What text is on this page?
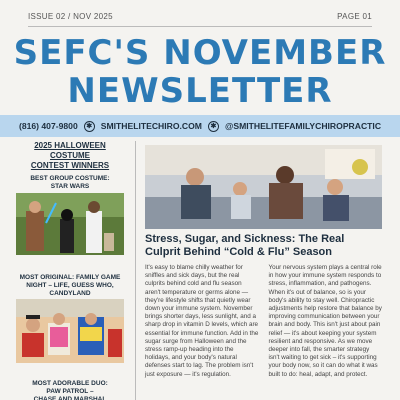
ISSUE 02 / NOV 2025	PAGE 01
SEFC'S NOVEMBER
NEWSLETTER
(816) 407-9800	✱ SMITHELITECHIRO.COM	✱ @SMITHELITEFAMILYCHIROPRACTIC
2025 HALLOWEEN COSTUME
CONTEST WINNERS
BEST GROUP COSTUME:
STAR WARS
MOST ORIGINAL: FAMILY GAME
NIGHT – LIFE, GUESS WHO,
CANDYLAND
MOST ADORABLE DUO:
PAW PATROL –
CHASE AND MARSHAL
Stress, Sugar, and Sickness: The Real Culprit Behind “Cold & Flu” Season

It's easy to blame chilly weather for sniffles and sick days, but the real culprits behind cold and flu season aren't temperature or germs alone — they're lifestyle shifts that quietly wear down your immune system. November brings shorter days, less sunlight, and a sharp drop in vitamin D levels, which are essential for immune function. Add in the sugar surge from Halloween and the stress ramp-up heading into the holidays, and your body's natural defenses start to lag. The problem isn't just exposure — it's regulation.

Your nervous system plays a central role in how your immune system responds to stress, inflammation, and pathogens. When it's out of balance, so is your body's ability to stay well. Chiropractic adjustments help restore that balance by improving communication between your brain and body. This isn't just about pain relief — it's about keeping your system resilient and responsive. As we move deeper into fall, the smarter strategy isn't waiting to get sick – it's supporting your body now, so it can do what it was built to do: heal, adapt, and protect.
